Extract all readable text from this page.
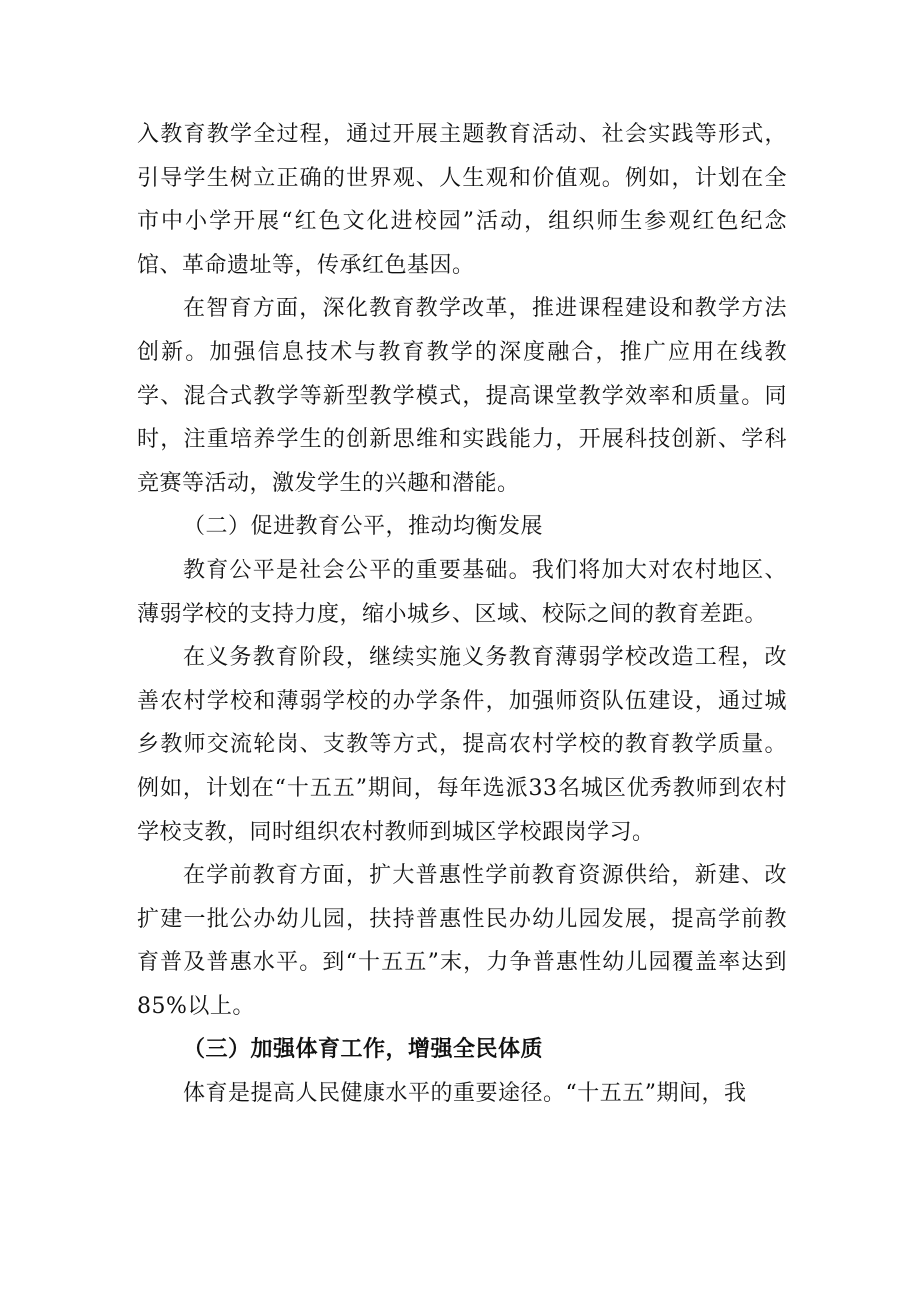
入教育教学全过程，通过开展主题教育活动、社会实践等形式，引导学生树立正确的世界观、人生观和价值观。例如，计划在全市中小学开展“红色文化进校园”活动，组织师生参观红色纪念馆、革命遗址等，传承红色基因。

在智育方面，深化教育教学改革，推进课程建设和教学方法创新。加强信息技术与教育教学的深度融合，推广应用在线教学、混合式教学等新型教学模式，提高课堂教学效率和质量。同时，注重培养学生的创新思维和实践能力，开展科技创新、学科竞赛等活动，激发学生的兴趣和潜能。

（二）促进教育公平，推动均衡发展

教育公平是社会公平的重要基础。我们将加大对农村地区、薄弱学校的支持力度，缩小城乡、区域、校际之间的教育差距。

在义务教育阶段，继续实施义务教育薄弱学校改造工程，改善农村学校和薄弱学校的办学条件，加强师资队伍建设，通过城乡教师交流轮岗、支教等方式，提高农村学校的教育教学质量。例如，计划在“十五五”期间，每年选派33名城区优秀教师到农村学校支教，同时组织农村教师到城区学校跟岗学习。

在学前教育方面，扩大普惠性学前教育资源供给，新建、改扩建一批公办幼儿园，扶持普惠性民办幼儿园发展，提高学前教育普及普惠水平。到“十五五”末，力争普惠性幼儿园覆盖率达到85%以上。

（三）加强体育工作，增强全民体质

体育是提高人民健康水平的重要途径。“十五五”期间，我
